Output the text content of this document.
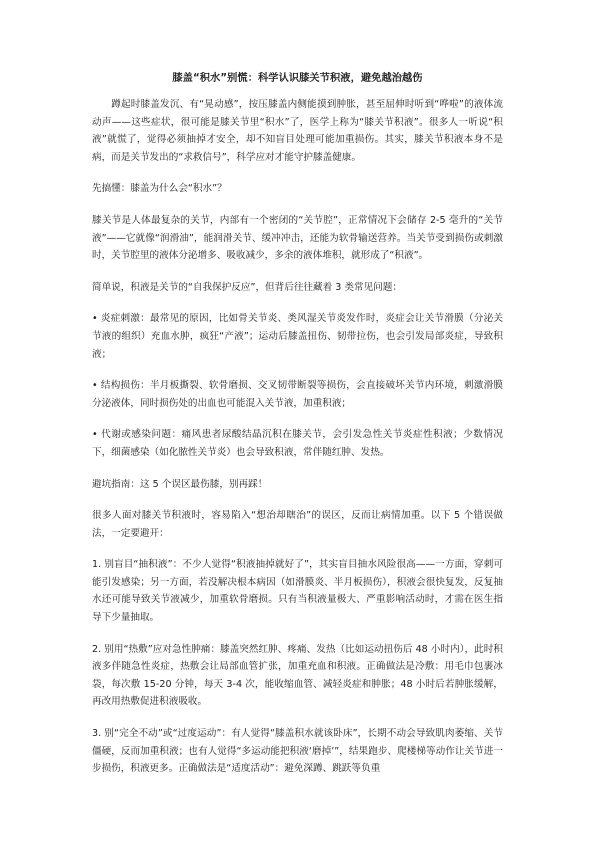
膝盖“积水”别慌：科学认识膝关节积液，避免越治越伤

蹲起时膝盖发沉、有“晃动感”，按压膝盖内侧能摸到肿胀，甚至屈伸时听到“哗啦”的液体流动声——这些症状，很可能是膝关节里“积水”了，医学上称为“膝关节积液”。很多人一听说“积液”就慌了，觉得必须抽掉才安全，却不知盲目处理可能加重损伤。其实，膝关节积液本身不是病，而是关节发出的“求救信号”，科学应对才能守护膝盖健康。

先搞懂：膝盖为什么会“积水”？

膝关节是人体最复杂的关节，内部有一个密闭的“关节腔”，正常情况下会储存 2-5 毫升的“关节液”——它就像“润滑油”，能润滑关节、缓冲冲击，还能为软骨输送营养。当关节受到损伤或刺激时，关节腔里的液体分泌增多、吸收减少，多余的液体堆积，就形成了“积液”。

简单说，积液是关节的“自我保护反应”，但背后往往藏着 3 类常见问题：

• 炎症刺激：最常见的原因，比如骨关节炎、类风湿关节炎发作时，炎症会让关节滑膜（分泌关节液的组织）充血水肿，疯狂“产液”；运动后膝盖扭伤、韧带拉伤，也会引发局部炎症，导致积液；

• 结构损伤：半月板撕裂、软骨磨损、交叉韧带断裂等损伤，会直接破坏关节内环境，刺激滑膜分泌液体，同时损伤处的出血也可能混入关节液，加重积液；

• 代谢或感染问题：痛风患者尿酸结晶沉积在膝关节，会引发急性关节炎症性积液；少数情况下，细菌感染（如化脓性关节炎）也会导致积液，常伴随红肿、发热。

避坑指南：这 5 个误区最伤膝，别再踩！

很多人面对膝关节积液时，容易陷入“想治却瞎治”的误区，反而让病情加重。以下 5 个错误做法，一定要避开：

1. 别盲目“抽积液”：不少人觉得“积液抽掉就好了”，其实盲目抽水风险很高——一方面，穿刺可能引发感染；另一方面，若没解决根本病因（如滑膜炎、半月板损伤），积液会很快复发，反复抽水还可能导致关节液减少，加重软骨磨损。只有当积液量极大、严重影响活动时，才需在医生指导下少量抽取。

2. 别用“热敷”应对急性肿痛：膝盖突然红肿、疼痛、发热（比如运动扭伤后 48 小时内），此时积液多伴随急性炎症，热敷会让局部血管扩张，加重充血和积液。正确做法是冷敷：用毛巾包裹冰袋，每次敷 15-20 分钟，每天 3-4 次，能收缩血管、减轻炎症和肿胀；48 小时后若肿胀缓解，再改用热敷促进积液吸收。

3. 别“完全不动”或“过度运动”：有人觉得“膝盖积水就该卧床”，长期不动会导致肌肉萎缩、关节僵硬，反而加重积液；也有人觉得“多运动能把积液‘磨掉’”，结果跑步、爬楼梯等动作让关节进一步损伤，积液更多。正确做法是“适度活动”：避免深蹲、跳跃等负重
